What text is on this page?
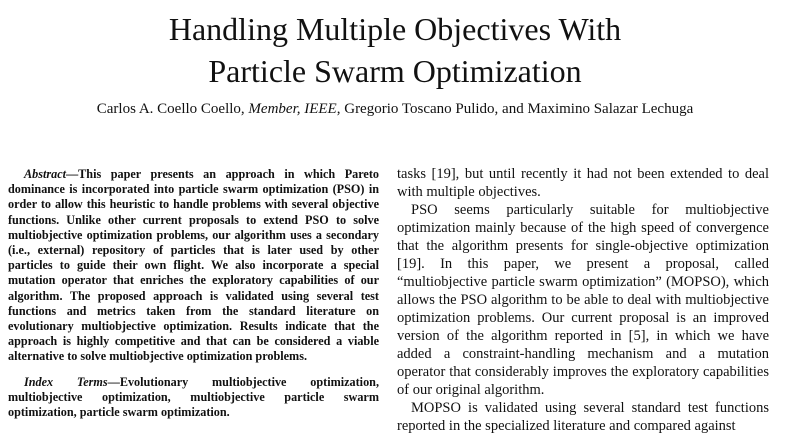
Handling Multiple Objectives With
Particle Swarm Optimization
Carlos A. Coello Coello, Member, IEEE, Gregorio Toscano Pulido, and Maximino Salazar Lechuga

Abstract—This paper presents an approach in which Pareto dominance is incorporated into particle swarm optimization (PSO) in order to allow this heuristic to handle problems with several objective functions. Unlike other current proposals to extend PSO to solve multiobjective optimization problems, our algorithm uses a secondary (i.e., external) repository of particles that is later used by other particles to guide their own flight. We also incorporate a special mutation operator that enriches the exploratory capabilities of our algorithm. The proposed approach is validated using several test functions and metrics taken from the standard literature on evolutionary multiobjective optimization. Results indicate that the approach is highly competitive and that can be considered a viable alternative to solve multiobjective optimization problems.

Index Terms—Evolutionary multiobjective optimization, multiobjective optimization, multiobjective particle swarm optimization, particle swarm optimization.

tasks [19], but until recently it had not been extended to deal with multiple objectives.

PSO seems particularly suitable for multiobjective optimization mainly because of the high speed of convergence that the algorithm presents for single-objective optimization [19]. In this paper, we present a proposal, called “multiobjective particle swarm optimization” (MOPSO), which allows the PSO algorithm to be able to deal with multiobjective optimization problems. Our current proposal is an improved version of the algorithm reported in [5], in which we have added a constraint-handling mechanism and a mutation operator that considerably improves the exploratory capabilities of our original algorithm.

MOPSO is validated using several standard test functions reported in the specialized literature and compared against
